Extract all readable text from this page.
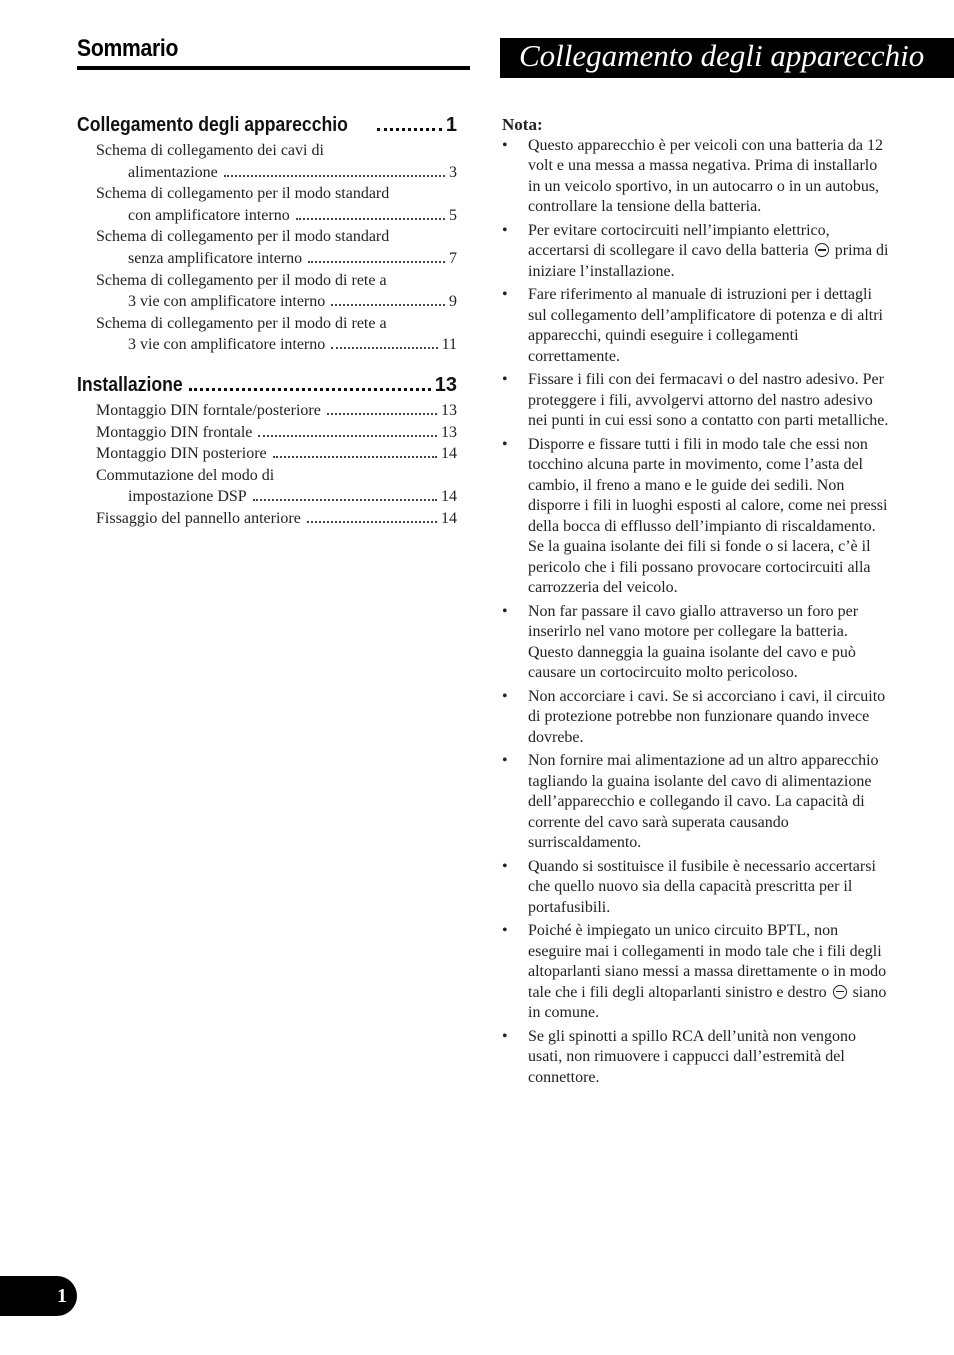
Sommario
Collegamento degli apparecchio	1
Schema di collegamento dei cavi di
alimentazione	3
Schema di collegamento per il modo standard
con amplificatore interno	5
Schema di collegamento per il modo standard
senza amplificatore interno	7
Schema di collegamento per il modo di rete a
3 vie con amplificatore interno	9
Schema di collegamento per il modo di rete a
3 vie con amplificatore interno	11
Installazione	13
Montaggio DIN forntale/posteriore	13
Montaggio DIN frontale	13
Montaggio DIN posteriore	14
Commutazione del modo di
impostazione DSP	14
Fissaggio del pannello anteriore	14
Collegamento degli apparecchio
Nota:
• Questo apparecchio è per veicoli con una batteria da 12 volt e una messa a massa negativa. Prima di installarlo in un veicolo sportivo, in un autocarro o in un autobus, controllare la tensione della batteria.
• Per evitare cortocircuiti nell’impianto elettrico, accertarsi di scollegare il cavo della batteria prima di iniziare l’installazione.
• Fare riferimento al manuale di istruzioni per i dettagli sul collegamento dell’amplificatore di potenza e di altri apparecchi, quindi eseguire i collegamenti correttamente.
• Fissare i fili con dei fermacavi o del nastro adesivo. Per proteggere i fili, avvolgervi attorno del nastro adesivo nei punti in cui essi sono a contatto con parti metalliche.
• Disporre e fissare tutti i fili in modo tale che essi non tocchino alcuna parte in movimento, come l’asta del cambio, il freno a mano e le guide dei sedili. Non disporre i fili in luoghi esposti al calore, come nei pressi della bocca di efflusso dell’impianto di riscaldamento. Se la guaina isolante dei fili si fonde o si lacera, c’è il pericolo che i fili possano provocare cortocircuiti alla carrozzeria del veicolo.
• Non far passare il cavo giallo attraverso un foro per inserirlo nel vano motore per collegare la batteria. Questo danneggia la guaina isolante del cavo e può causare un cortocircuito molto pericoloso.
• Non accorciare i cavi. Se si accorciano i cavi, il circuito di protezione potrebbe non funzionare quando invece dovrebe.
• Non fornire mai alimentazione ad un altro apparecchio tagliando la guaina isolante del cavo di alimentazione dell’apparecchio e collegando il cavo. La capacità di corrente del cavo sarà superata causando surriscaldamento.
• Quando si sostituisce il fusibile è necessario accertarsi che quello nuovo sia della capacità prescritta per il portafusibili.
• Poiché è impiegato un unico circuito BPTL, non eseguire mai i collegamenti in modo tale che i fili degli altoparlanti siano messi a massa direttamente o in modo tale che i fili degli altoparlanti sinistro e destro siano in comune.
• Se gli spinotti a spillo RCA dell’unità non vengono usati, non rimuovere i cappucci dall’estremità del connettore.
1
